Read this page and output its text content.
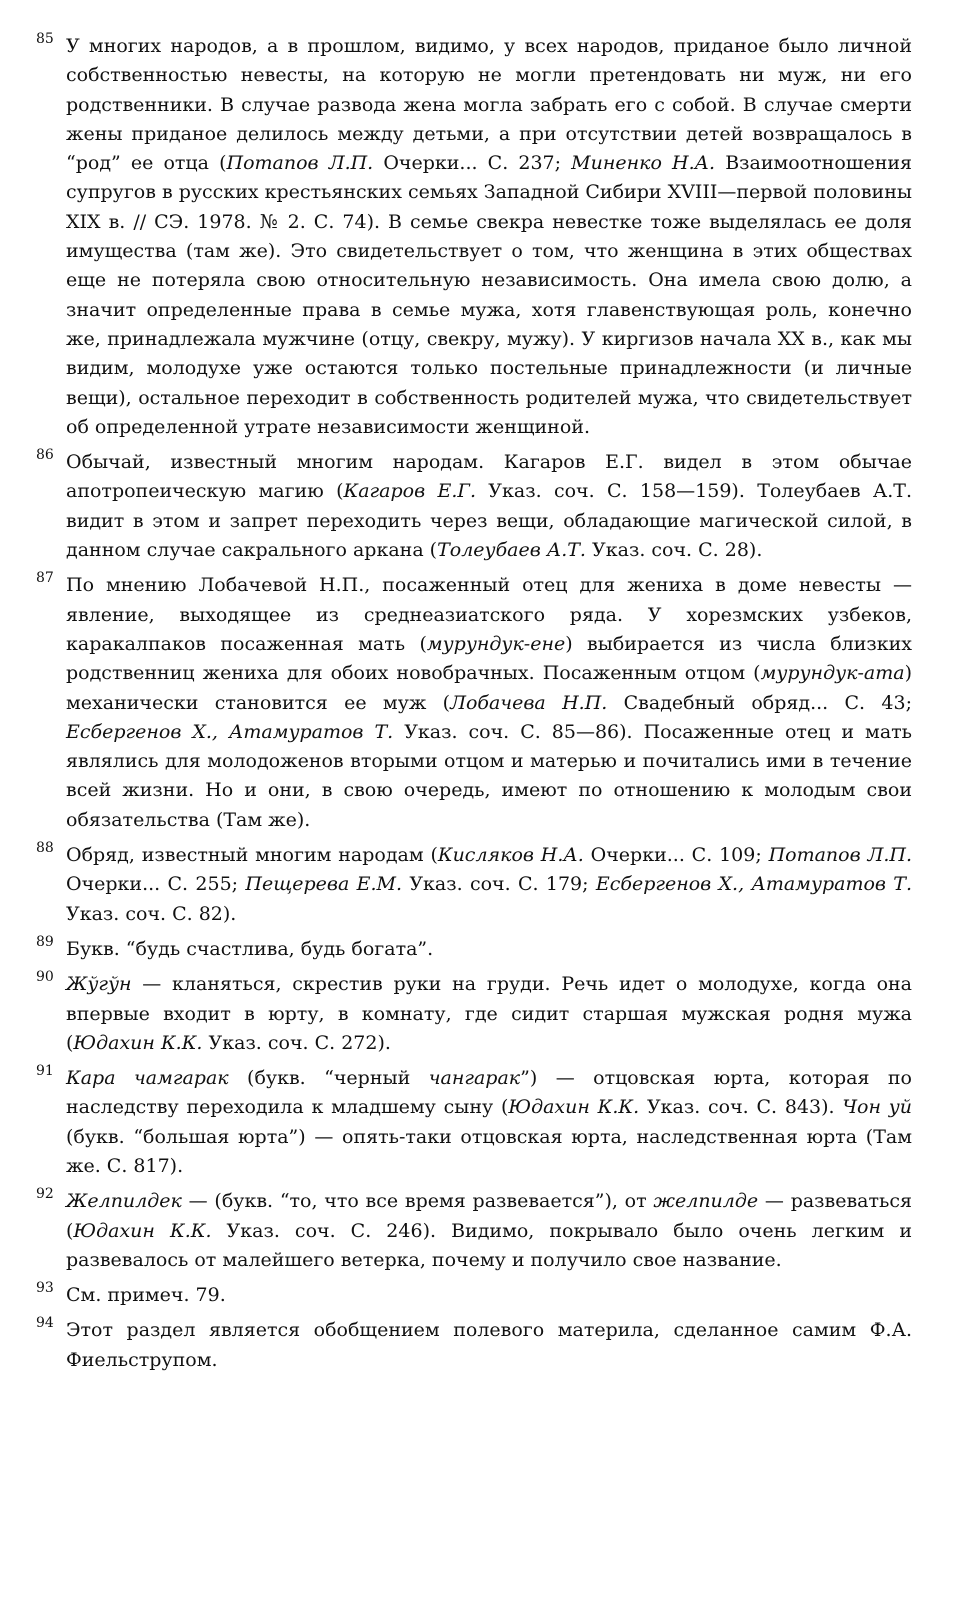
85 У многих народов, а в прошлом, видимо, у всех народов, приданое было личной собственностью невесты, на которую не могли претендовать ни муж, ни его родственники. В случае развода жена могла забрать его с собой. В случае смерти жены приданое делилось между детьми, а при отсутствии детей возвращалось в “род” ее отца (Потапов Л.П. Очерки... С. 237; Миненко Н.А. Взаимоотношения супругов в русских крестьянских семьях Западной Сибири XVIII—первой половины XIX в. // СЭ. 1978. № 2. С. 74). В семье свекра невестке тоже выделялась ее доля имущества (там же). Это свидетельствует о том, что женщина в этих обществах еще не потеряла свою относительную независимость. Она имела свою долю, а значит определенные права в семье мужа, хотя главенствующая роль, конечно же, принадлежала мужчине (отцу, свекру, мужу). У киргизов начала XX в., как мы видим, молодухе уже остаются только постельные принадлежности (и личные вещи), остальное переходит в собственность родителей мужа, что свидетельствует об определенной утрате независимости женщиной.
86 Обычай, известный многим народам. Кагаров Е.Г. видел в этом обычае апотропеическую магию (Кагаров Е.Г. Указ. соч. С. 158—159). Толеубаев А.Т. видит в этом и запрет переходить через вещи, обладающие магической силой, в данном случае сакрального аркана (Толеубаев А.Т. Указ. соч. С. 28).
87 По мнению Лобачевой Н.П., посаженный отец для жениха в доме невесты — явление, выходящее из среднеазиатского ряда. У хорезмских узбеков, каракалпаков посаженная мать (мурундук-ене) выбирается из числа близких родственниц жениха для обоих новобрачных. Посаженным отцом (мурундук-ата) механически становится ее муж (Лобачева Н.П. Свадебный обряд... С. 43; Есбергенов Х., Атамуратов Т. Указ. соч. С. 85—86). Посаженные отец и мать являлись для молодоженов вторыми отцом и матерью и почитались ими в течение всей жизни. Но и они, в свою очередь, имеют по отношению к молодым свои обязательства (Там же).
88 Обряд, известный многим народам (Кисляков Н.А. Очерки... С. 109; Потапов Л.П. Очерки... С. 255; Пещерева Е.М. Указ. соч. С. 179; Есбергенов Х., Атамуратов Т. Указ. соч. С. 82).
89 Букв. “будь счастлива, будь богата”.
90 Жўгўн — кланяться, скрестив руки на груди. Речь идет о молодухе, когда она впервые входит в юрту, в комнату, где сидит старшая мужская родня мужа (Юдахин К.К. Указ. соч. С. 272).
91 Кара чамгарак (букв. “черный чангарак”) — отцовская юрта, которая по наследству переходила к младшему сыну (Юдахин К.К. Указ. соч. С. 843). Чон уй (букв. “большая юрта”) — опять-таки отцовская юрта, наследственная юрта (Там же. С. 817).
92 Желпилдек — (букв. “то, что все время развевается”), от желпилде — развеваться (Юдахин К.К. Указ. соч. С. 246). Видимо, покрывало было очень легким и развевалось от малейшего ветерка, почему и получило свое название.
93 См. примеч. 79.
94 Этот раздел является обобщением полевого материла, сделанное самим Ф.А. Фиельструпом.
